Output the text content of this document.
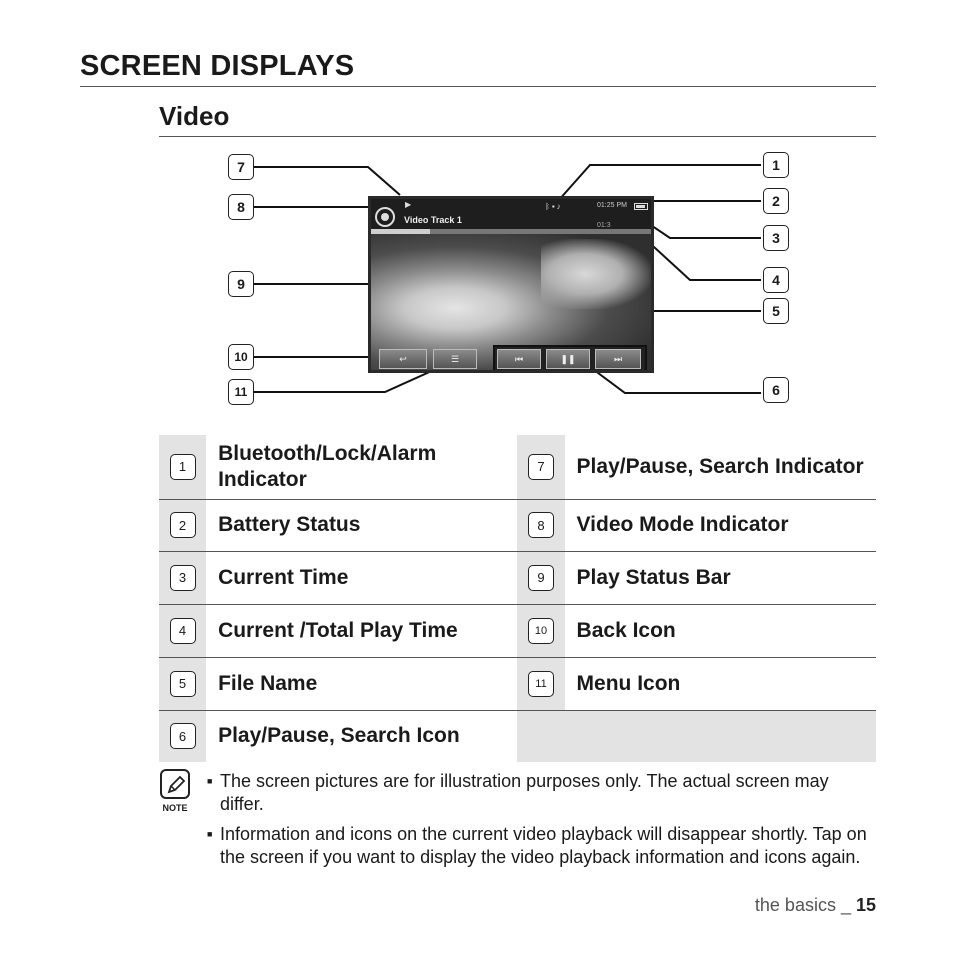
SCREEN DISPLAYS
Video
7
8
9
10
11
1
2
3
4
5
6
▶
Video Track 1
ᛒ▪♪	01:25 PM
01:3
↩	☰	⏮	❚❚	⏭
1	Bluetooth/Lock/Alarm Indicator	7	Play/Pause, Search Indicator
2	Battery Status	8	Video Mode Indicator
3	Current Time	9	Play Status Bar
4	Current /Total Play Time	10	Back Icon
5	File Name	11	Menu Icon
6	Play/Pause, Search Icon		
NOTE
■ The screen pictures are for illustration purposes only. The actual screen may differ.
■ Information and icons on the current video playback will disappear shortly. Tap on the screen if you want to display the video playback information and icons again.
the basics _ 15
